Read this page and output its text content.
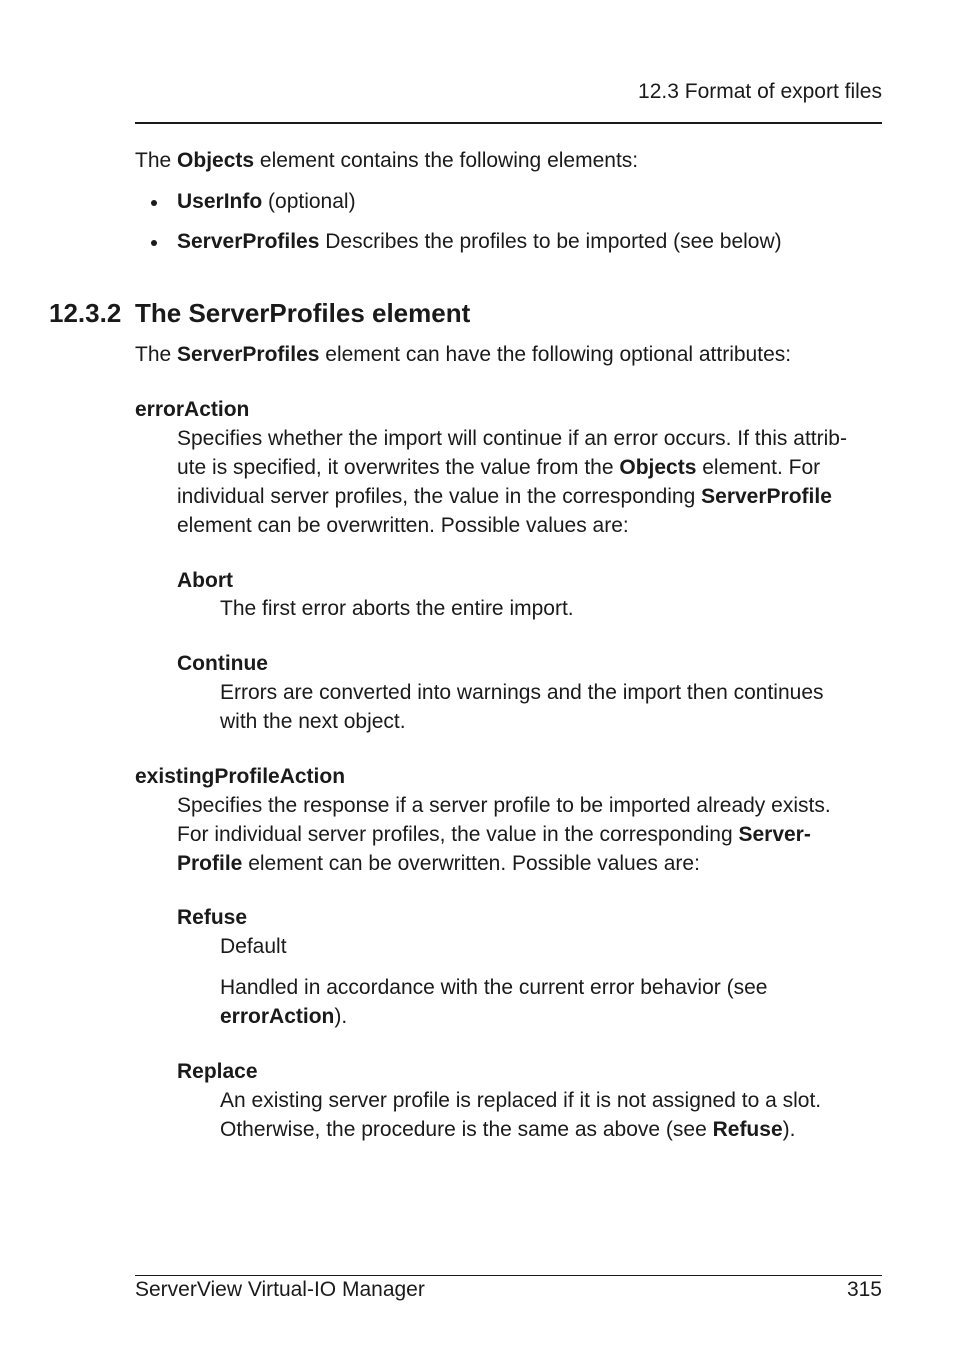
12.3 Format of export files
The Objects element contains the following elements:
UserInfo (optional)
ServerProfiles Describes the profiles to be imported (see below)
12.3.2 The ServerProfiles element
The ServerProfiles element can have the following optional attributes:
errorAction
Specifies whether the import will continue if an error occurs. If this attrib-
ute is specified, it overwrites the value from the Objects element. For
individual server profiles, the value in the corresponding ServerProfile
element can be overwritten. Possible values are:
Abort
The first error aborts the entire import.
Continue
Errors are converted into warnings and the import then continues
with the next object.
existingProfileAction
Specifies the response if a server profile to be imported already exists.
For individual server profiles, the value in the corresponding Server-
Profile element can be overwritten. Possible values are:
Refuse
Default
Handled in accordance with the current error behavior (see
errorAction).
Replace
An existing server profile is replaced if it is not assigned to a slot.
Otherwise, the procedure is the same as above (see Refuse).
ServerView Virtual-IO Manager	315
